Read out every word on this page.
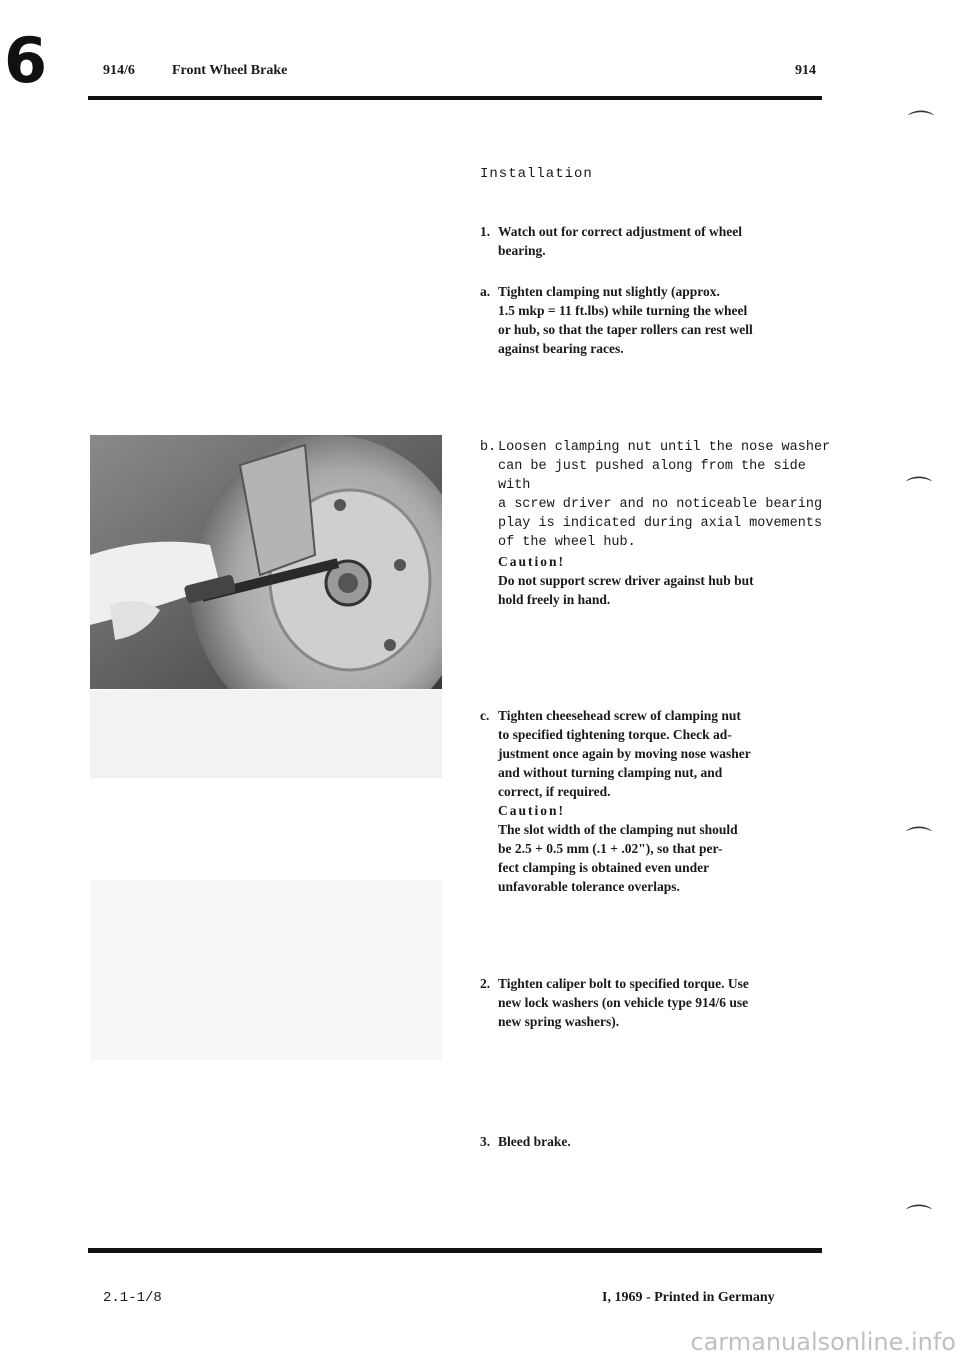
6	914/6	Front Wheel Brake	914
⌒
⌒
⌒
⌒
Installation
1. Watch out for correct adjustment of wheel
bearing.
a. Tighten clamping nut slightly (approx.
1.5 mkp = 11 ft.lbs) while turning the wheel
or hub, so that the taper rollers can rest well
against bearing races.
b. Loosen clamping nut until the nose washer
can be just pushed along from the side with
a screw driver and no noticeable bearing
play is indicated during axial movements
of the wheel hub.
Caution!
Do not support screw driver against hub but
hold freely in hand.
c. Tighten cheesehead screw of clamping nut
to specified tightening torque. Check ad-
justment once again by moving nose washer
and without turning clamping nut, and
correct, if required.
Caution!
The slot width of the clamping nut should
be 2.5 + 0.5 mm (.1 + .02"), so that per-
fect clamping is obtained even under
unfavorable tolerance overlaps.
2. Tighten caliper bolt to specified torque. Use
new lock washers (on vehicle type 914/6 use
new spring washers).
3. Bleed brake.
2.1-1/8	I, 1969 - Printed in Germany
carmanualsonline.info
